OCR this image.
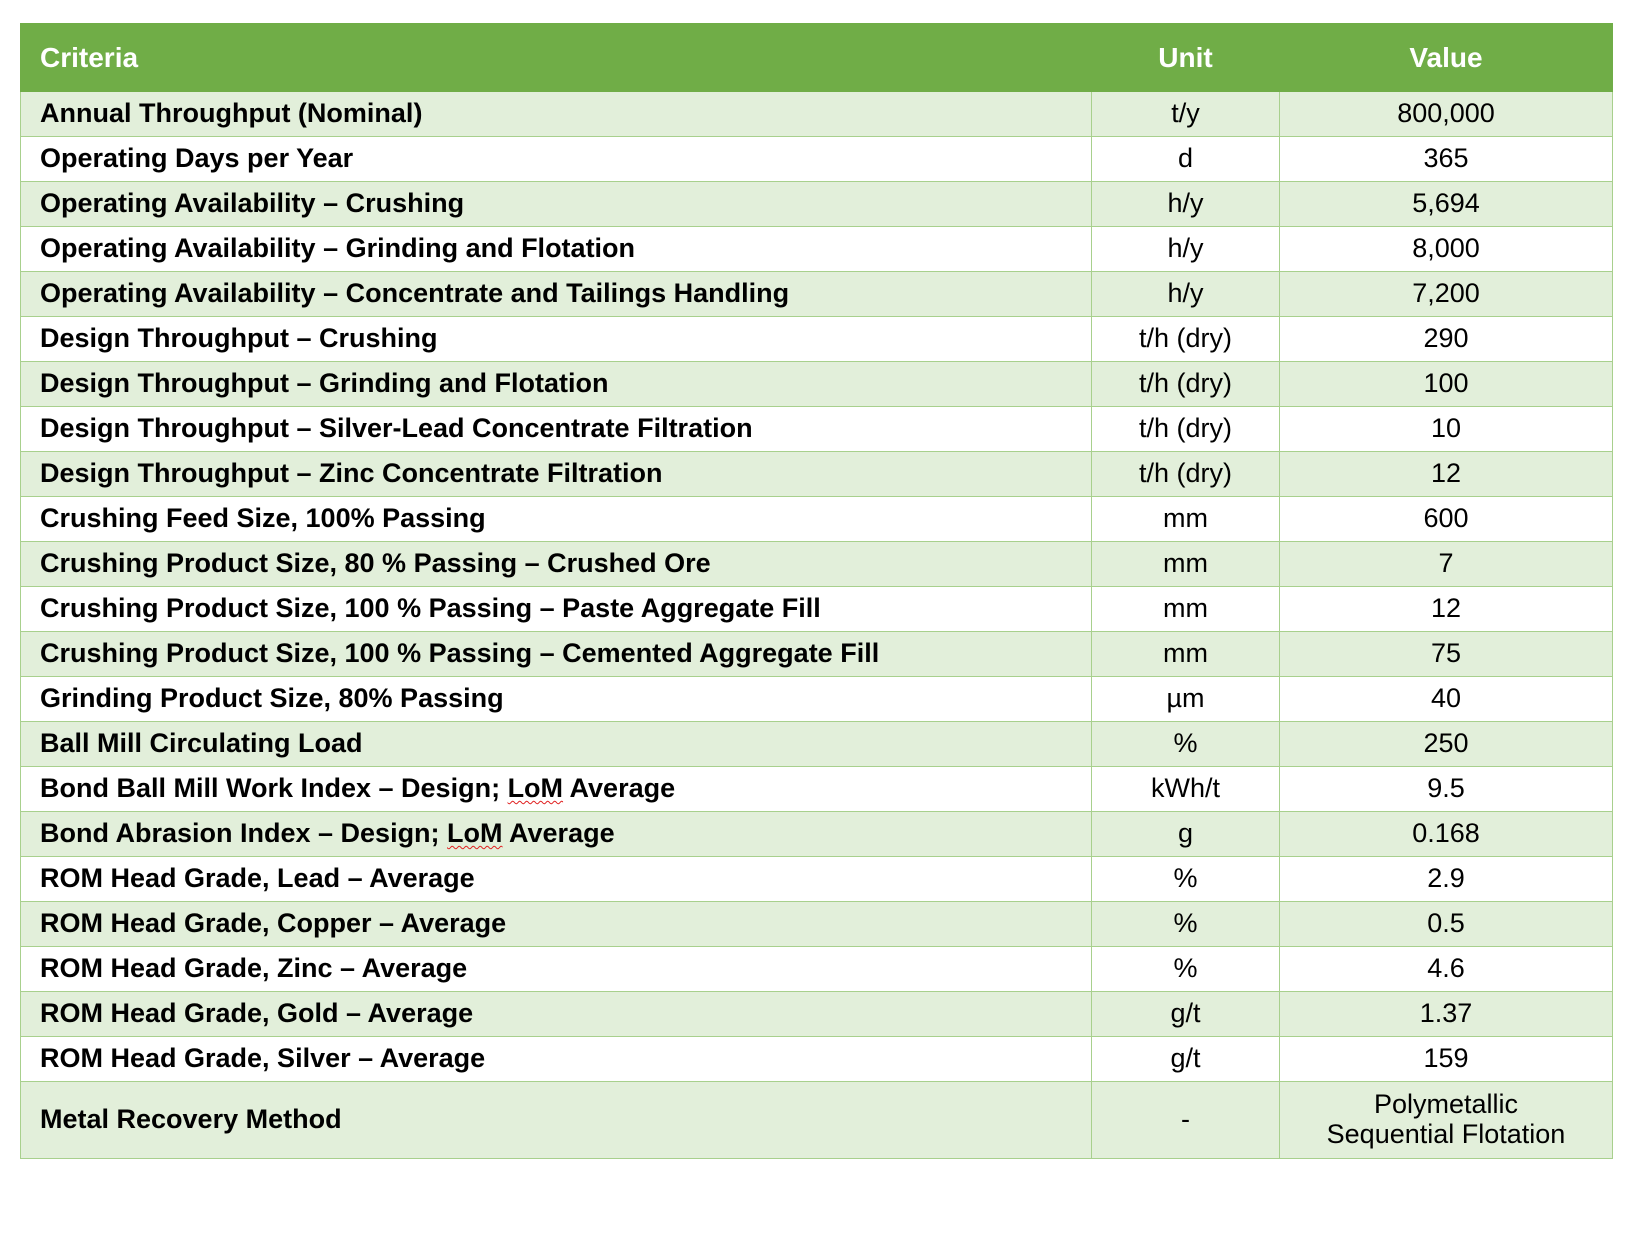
Criteria	Unit	Value
Annual Throughput (Nominal)	t/y	800,000
Operating Days per Year	d	365
Operating Availability – Crushing	h/y	5,694
Operating Availability – Grinding and Flotation	h/y	8,000
Operating Availability – Concentrate and Tailings Handling	h/y	7,200
Design Throughput – Crushing	t/h (dry)	290
Design Throughput – Grinding and Flotation	t/h (dry)	100
Design Throughput – Silver-Lead Concentrate Filtration	t/h (dry)	10
Design Throughput – Zinc Concentrate Filtration	t/h (dry)	12
Crushing Feed Size, 100% Passing	mm	600
Crushing Product Size, 80 % Passing – Crushed Ore	mm	7
Crushing Product Size, 100 % Passing – Paste Aggregate Fill	mm	12
Crushing Product Size, 100 % Passing – Cemented Aggregate Fill	mm	75
Grinding Product Size, 80% Passing	µm	40
Ball Mill Circulating Load	%	250
Bond Ball Mill Work Index – Design; LoM Average	kWh/t	9.5
Bond Abrasion Index – Design; LoM Average	g	0.168
ROM Head Grade, Lead – Average	%	2.9
ROM Head Grade, Copper – Average	%	0.5
ROM Head Grade, Zinc – Average	%	4.6
ROM Head Grade, Gold – Average	g/t	1.37
ROM Head Grade, Silver – Average	g/t	159
Metal Recovery Method	-	Polymetallic
Sequential Flotation
